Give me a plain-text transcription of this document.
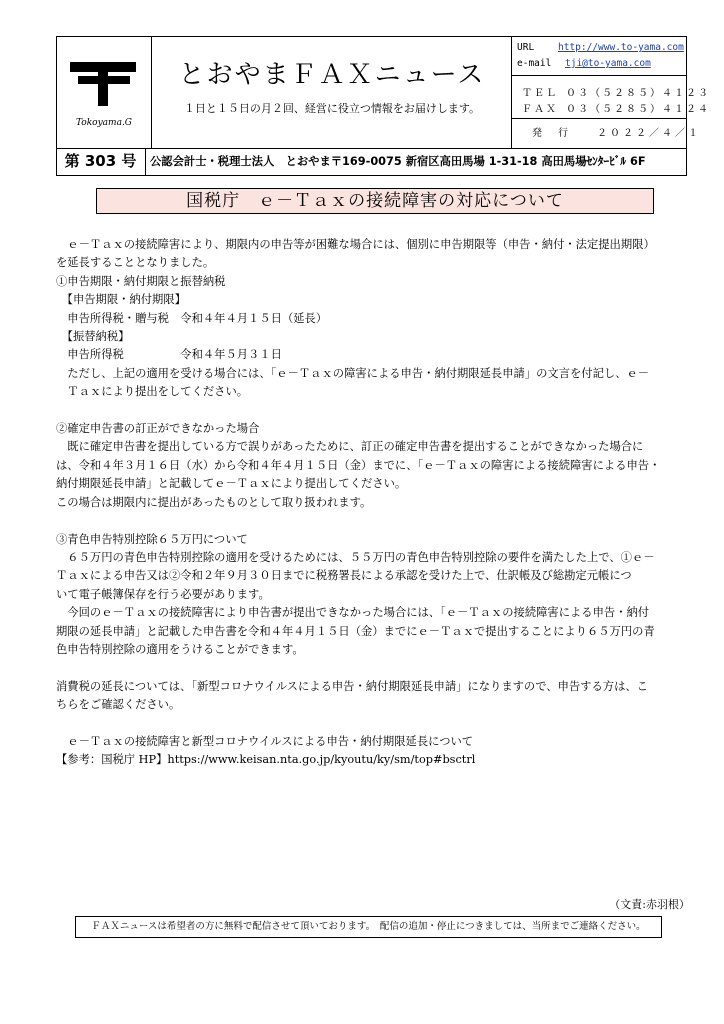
Tokoyama.G
とおやまＦＡＸニュース
１日と１５日の月２回、経営に役立つ情報をお届けします。
URL	http://www.to-yama.com
e-mail tji@to-yama.com
ＴＥＬ ０３（５２８５）４１２３
ＦＡＸ ０３（５２８５）４１２４
発　行　　２０２２／４／１
第 303 号	公認会計士・税理士法人　とおやま〒169-0075 新宿区高田馬場 1-31-18 高田馬場ｾﾝﾀｰﾋﾞﾙ 6F
国税庁　ｅ－Ｔａｘの接続障害の対応について

　ｅ－Ｔａｘの接続障害により、期限内の申告等が困難な場合には、個別に申告期限等（申告・納付・法定提出期限）

を延長することとなりました。

①申告期限・納付期限と振替納税

　【申告期限・納付期限】

　申告所得税・贈与税　令和４年４月１５日（延長）

　【振替納税】

　申告所得税　　　　　令和４年５月３１日

　ただし、上記の適用を受ける場合には、「ｅ－Ｔａｘの障害による申告・納付期限延長申請」の文言を付記し、ｅ－

　Ｔａｘにより提出をしてください。

②確定申告書の訂正ができなかった場合

　既に確定申告書を提出している方で誤りがあったために、訂正の確定申告書を提出することができなかった場合に

は、令和４年３月１６日（水）から令和４年４月１５日（金）までに、「ｅ－Ｔａｘの障害による接続障害による申告・

納付期限延長申請」と記載してｅ－Ｔａｘにより提出してください。

この場合は期限内に提出があったものとして取り扱われます。

③青色申告特別控除６５万円について

　６５万円の青色申告特別控除の適用を受けるためには、５５万円の青色申告特別控除の要件を満たした上で、①ｅ－

Ｔａｘによる申告又は②令和２年９月３０日までに税務署長による承認を受けた上で、仕訳帳及び総勘定元帳につ

いて電子帳簿保存を行う必要があります。

　今回のｅ－Ｔａｘの接続障害により申告書が提出できなかった場合には、「ｅ－Ｔａｘの接続障害による申告・納付

期限の延長申請」と記載した申告書を令和４年４月１５日（金）までにｅ－Ｔａｘで提出することにより６５万円の青

色申告特別控除の適用をうけることができます。

消費税の延長については、「新型コロナウイルスによる申告・納付期限延長申請」になりますので、申告する方は、こ

ちらをご確認ください。

　ｅ－Ｔａｘの接続障害と新型コロナウイルスによる申告・納付期限延長について

【参考：国税庁 HP】https://www.keisan.nta.go.jp/kyoutu/ky/sm/top#bsctrl

（文責:赤羽根）
ＦＡＸニュースは希望者の方に無料で配信させて頂いております。　配信の追加・停止につきましては、当所までご連絡ください。
